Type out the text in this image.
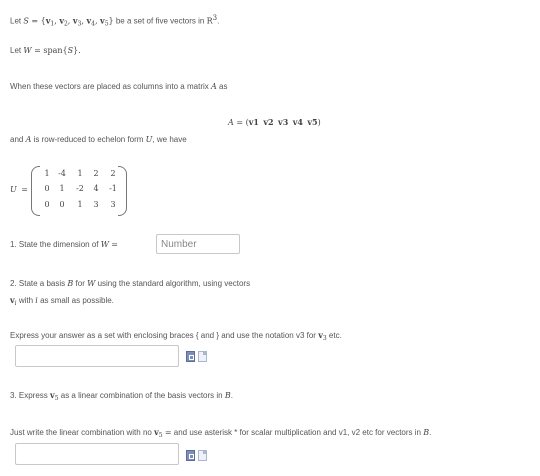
Let $S = \{v_1$, $v_2$, $v_3$, $v_4$, $v_5$} be a set of five vectors in $R^3$.
Let W = span{S}.
When these vectors are placed as columns into a matrix A as
A = (v1 v2 v3 v4 v5)
and A is row-reduced to echelon form U, we have
U =
1	-4	1	2	2
0	1	-2	4	-1
0	0	1	3	3
1. State the dimension of W =
Number
2. State a basis B for W using the standard algorithm, using vectors
$v_i$ with i as small as possible.
Express your answer as a set with enclosing braces { and } and use the notation v3 for $v_3$ etc.
3. Express $v_5$ as a linear combination of the basis vectors in B.
Just write the linear combination with no $v_5$ = and use asterisk * for scalar multiplication and v1, v2 etc for vectors in B.
